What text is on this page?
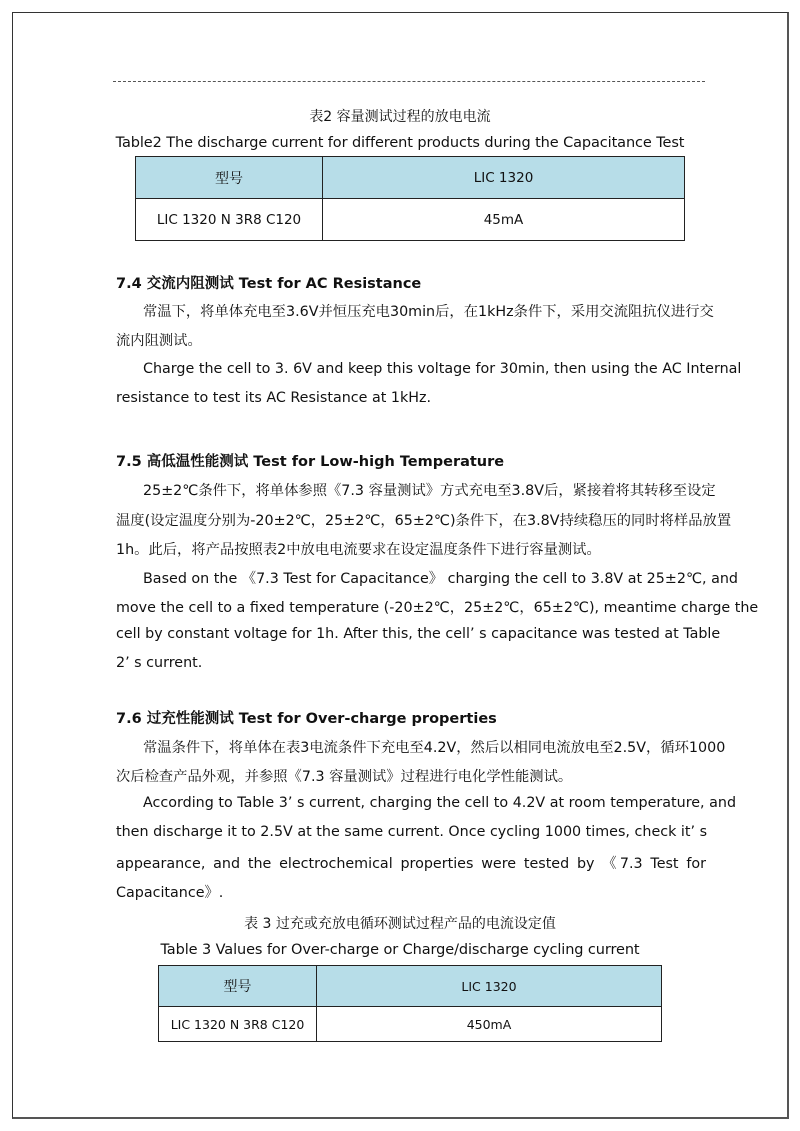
表2 容量测试过程的放电电流
Table2 The discharge current for different products during the Capacitance Test
型号	LIC 1320
LIC 1320 N 3R8 C120	45mA
7.4 交流内阻测试 Test for AC Resistance
常温下，将单体充电至3.6V并恒压充电30min后，在1kHz条件下，采用交流阻抗仪进行交
流内阻测试。
Charge the cell to 3. 6V and keep this voltage for 30min, then using the AC Internal
resistance to test its AC Resistance at 1kHz.
7.5 高低温性能测试 Test for Low-high Temperature
25±2℃条件下，将单体参照《7.3 容量测试》方式充电至3.8V后，紧接着将其转移至设定
温度(设定温度分别为-20±2℃，25±2℃，65±2℃)条件下，在3.8V持续稳压的同时将样品放置
1h。此后，将产品按照表2中放电电流要求在设定温度条件下进行容量测试。
Based on the 《7.3 Test for Capacitance》 charging the cell to 3.8V at 25±2℃, and
move the cell to a fixed temperature (-20±2℃，25±2℃，65±2℃), meantime charge the
cell by constant voltage for 1h. After this, the cell’ s capacitance was tested at Table
2’ s current.
7.6 过充性能测试 Test for Over-charge properties
常温条件下，将单体在表3电流条件下充电至4.2V，然后以相同电流放电至2.5V，循环1000
次后检查产品外观，并参照《7.3 容量测试》过程进行电化学性能测试。
According to Table 3’ s current, charging the cell to 4.2V at room temperature, and
then discharge it to 2.5V at the same current. Once cycling 1000 times, check it’ s
appearance, and the electrochemical properties were tested by 《7.3 Test for
Capacitance》.
表 3 过充或充放电循环测试过程产品的电流设定值
Table 3 Values for Over-charge or Charge/discharge cycling current
型号	LIC 1320
LIC 1320 N 3R8 C120	450mA
